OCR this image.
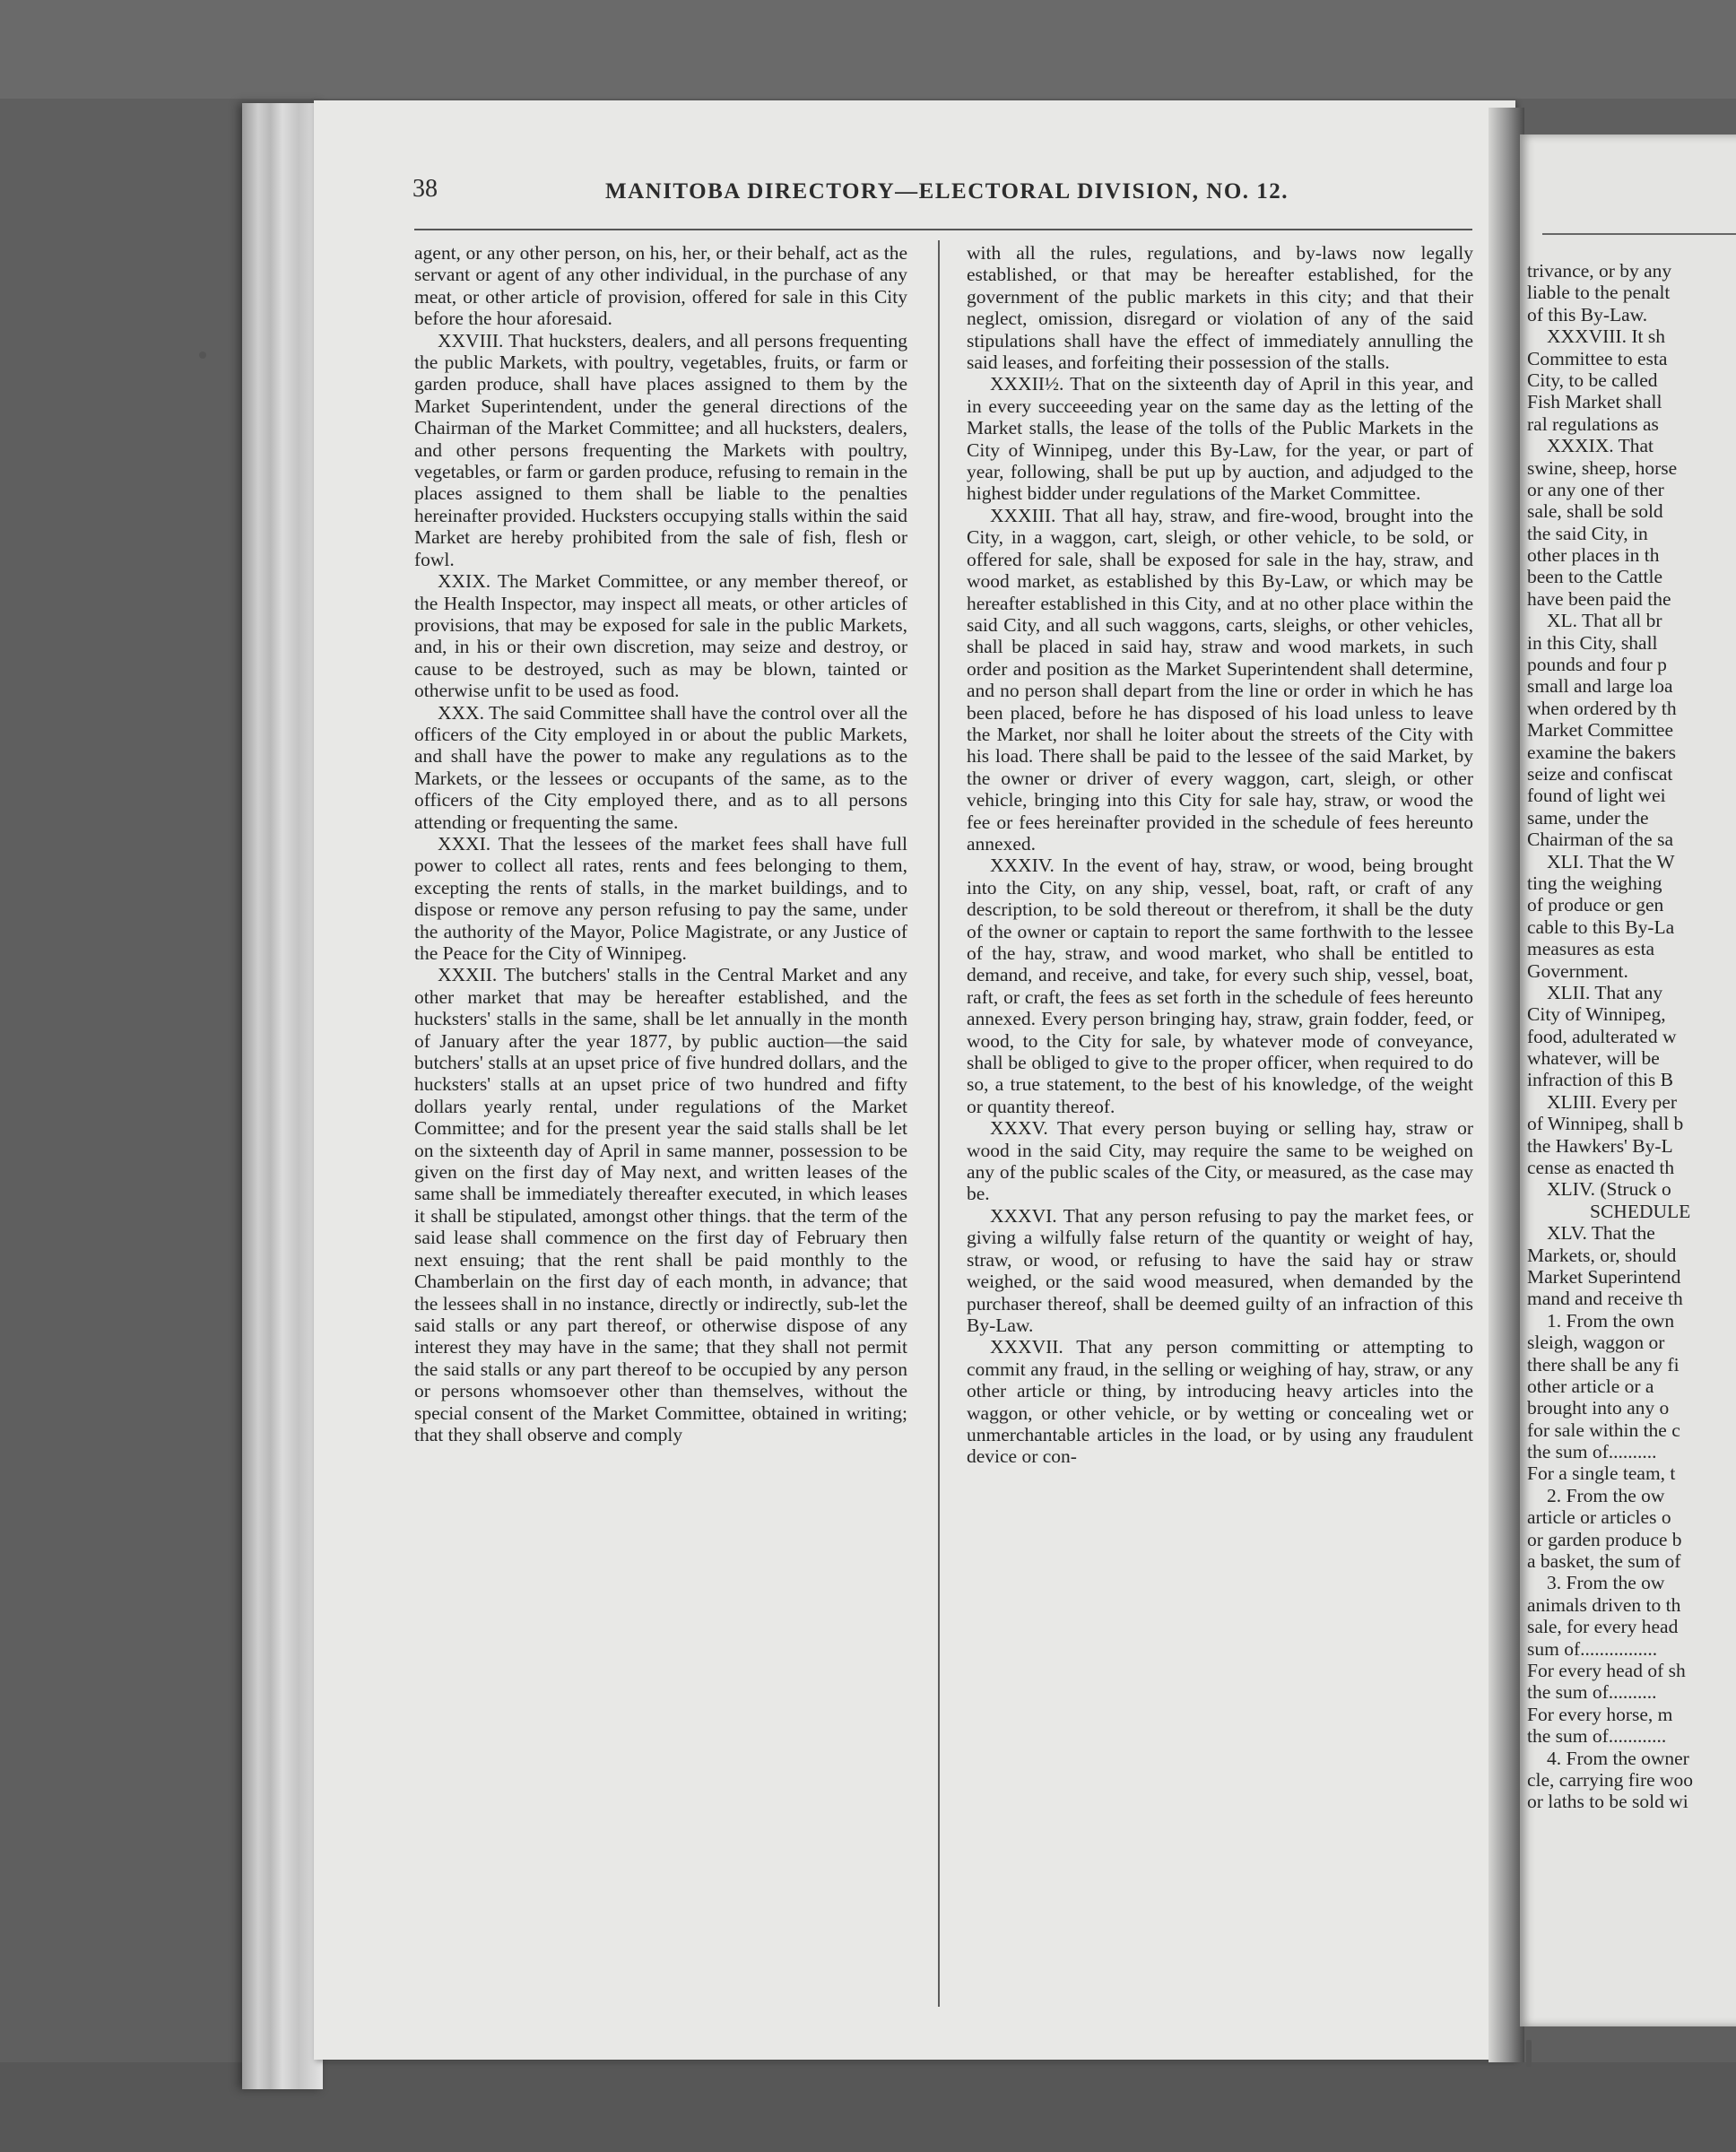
38	MANITOBA DIRECTORY—ELECTORAL DIVISION, NO. 12.

agent, or any other person, on his, her, or their behalf, act as the servant or agent of any other individual, in the purchase of any meat, or other article of provision, offered for sale in this City before the hour aforesaid.

XXVIII. That hucksters, dealers, and all persons frequenting the public Markets, with poultry, vegetables, fruits, or farm or garden produce, shall have places assigned to them by the Market Superintendent, under the general directions of the Chairman of the Market Committee; and all hucksters, dealers, and other persons frequenting the Markets with poultry, vegetables, or farm or garden produce, refusing to remain in the places assigned to them shall be liable to the penalties hereinafter provided. Hucksters occupying stalls within the said Market are hereby prohibited from the sale of fish, flesh or fowl.

XXIX. The Market Committee, or any member thereof, or the Health Inspector, may inspect all meats, or other articles of provisions, that may be exposed for sale in the public Markets, and, in his or their own discretion, may seize and destroy, or cause to be destroyed, such as may be blown, tainted or otherwise unfit to be used as food.

XXX. The said Committee shall have the control over all the officers of the City employed in or about the public Markets, and shall have the power to make any regulations as to the Markets, or the lessees or occupants of the same, as to the officers of the City employed there, and as to all persons attending or frequenting the same.

XXXI. That the lessees of the market fees shall have full power to collect all rates, rents and fees belonging to them, excepting the rents of stalls, in the market buildings, and to dispose or remove any person refusing to pay the same, under the authority of the Mayor, Police Magistrate, or any Justice of the Peace for the City of Winnipeg.

XXXII. The butchers' stalls in the Central Market and any other market that may be hereafter established, and the hucksters' stalls in the same, shall be let annually in the month of January after the year 1877, by public auction—the said butchers' stalls at an upset price of five hundred dollars, and the hucksters' stalls at an upset price of two hundred and fifty dollars yearly rental, under regulations of the Market Committee; and for the present year the said stalls shall be let on the sixteenth day of April in same manner, possession to be given on the first day of May next, and written leases of the same shall be immediately thereafter executed, in which leases it shall be stipulated, amongst other things. that the term of the said lease shall commence on the first day of February then next ensuing; that the rent shall be paid monthly to the Chamberlain on the first day of each month, in advance; that the lessees shall in no instance, directly or indirectly, sub-let the said stalls or any part thereof, or otherwise dispose of any interest they may have in the same; that they shall not permit the said stalls or any part thereof to be occupied by any person or persons whomsoever other than themselves, without the special consent of the Market Committee, obtained in writing; that they shall observe and comply

with all the rules, regulations, and by-laws now legally established, or that may be hereafter established, for the government of the public markets in this city; and that their neglect, omission, disregard or violation of any of the said stipulations shall have the effect of immediately annulling the said leases, and forfeiting their possession of the stalls.

XXXII½. That on the sixteenth day of April in this year, and in every succeeeding year on the same day as the letting of the Market stalls, the lease of the tolls of the Public Markets in the City of Winnipeg, under this By-Law, for the year, or part of year, following, shall be put up by auction, and adjudged to the highest bidder under regulations of the Market Committee.

XXXIII. That all hay, straw, and fire-wood, brought into the City, in a waggon, cart, sleigh, or other vehicle, to be sold, or offered for sale, shall be exposed for sale in the hay, straw, and wood market, as established by this By-Law, or which may be hereafter established in this City, and at no other place within the said City, and all such waggons, carts, sleighs, or other vehicles, shall be placed in said hay, straw and wood markets, in such order and position as the Market Superintendent shall determine, and no person shall depart from the line or order in which he has been placed, before he has disposed of his load unless to leave the Market, nor shall he loiter about the streets of the City with his load. There shall be paid to the lessee of the said Market, by the owner or driver of every waggon, cart, sleigh, or other vehicle, bringing into this City for sale hay, straw, or wood the fee or fees hereinafter provided in the schedule of fees hereunto annexed.

XXXIV. In the event of hay, straw, or wood, being brought into the City, on any ship, vessel, boat, raft, or craft of any description, to be sold thereout or therefrom, it shall be the duty of the owner or captain to report the same forthwith to the lessee of the hay, straw, and wood market, who shall be entitled to demand, and receive, and take, for every such ship, vessel, boat, raft, or craft, the fees as set forth in the schedule of fees hereunto annexed. Every person bringing hay, straw, grain fodder, feed, or wood, to the City for sale, by whatever mode of conveyance, shall be obliged to give to the proper officer, when required to do so, a true statement, to the best of his knowledge, of the weight or quantity thereof.

XXXV. That every person buying or selling hay, straw or wood in the said City, may require the same to be weighed on any of the public scales of the City, or measured, as the case may be.

XXXVI. That any person refusing to pay the market fees, or giving a wilfully false return of the quantity or weight of hay, straw, or wood, or refusing to have the said hay or straw weighed, or the said wood measured, when demanded by the purchaser thereof, shall be deemed guilty of an infraction of this By-Law.

XXXVII. That any person committing or attempting to commit any fraud, in the selling or weighing of hay, straw, or any other article or thing, by introducing heavy articles into the waggon, or other vehicle, or by wetting or concealing wet or unmerchantable articles in the load, or by using any fraudulent device or con-

trivance, or by any
liable to the penalt
of this By-Law.
XXXVIII. It sh
Committee to esta
City, to be called
Fish Market shall
ral regulations as
XXXIX. That
swine, sheep, horse
or any one of ther
sale, shall be sold
the said City, in
other places in th
been to the Cattle
have been paid the
XL. That all br
in this City, shall
pounds and four p
small and large loa
when ordered by th
Market Committee
examine the bakers
seize and confiscat
found of light wei
same, under the
Chairman of the sa
XLI. That the W
ting the weighing
of produce or gen
cable to this By-La
measures as esta
Government.
XLII. That any
City of Winnipeg,
food, adulterated w
whatever, will be
infraction of this B
XLIII. Every per
of Winnipeg, shall b
the Hawkers' By-L
cense as enacted th
XLIV. (Struck o
SCHEDULE
XLV. That the
Markets, or, should
Market Superintend
mand and receive th
1. From the own
sleigh, waggon or
there shall be any fi
other article or a
brought into any o
for sale within the c
the sum of..........
For a single team, t
2. From the ow
article or articles o
or garden produce b
a basket, the sum of
3. From the ow
animals driven to th
sale, for every head
sum of................
For every head of sh
the sum of..........
For every horse, m
the sum of............
4. From the owner
cle, carrying fire woo
or laths to be sold wi
